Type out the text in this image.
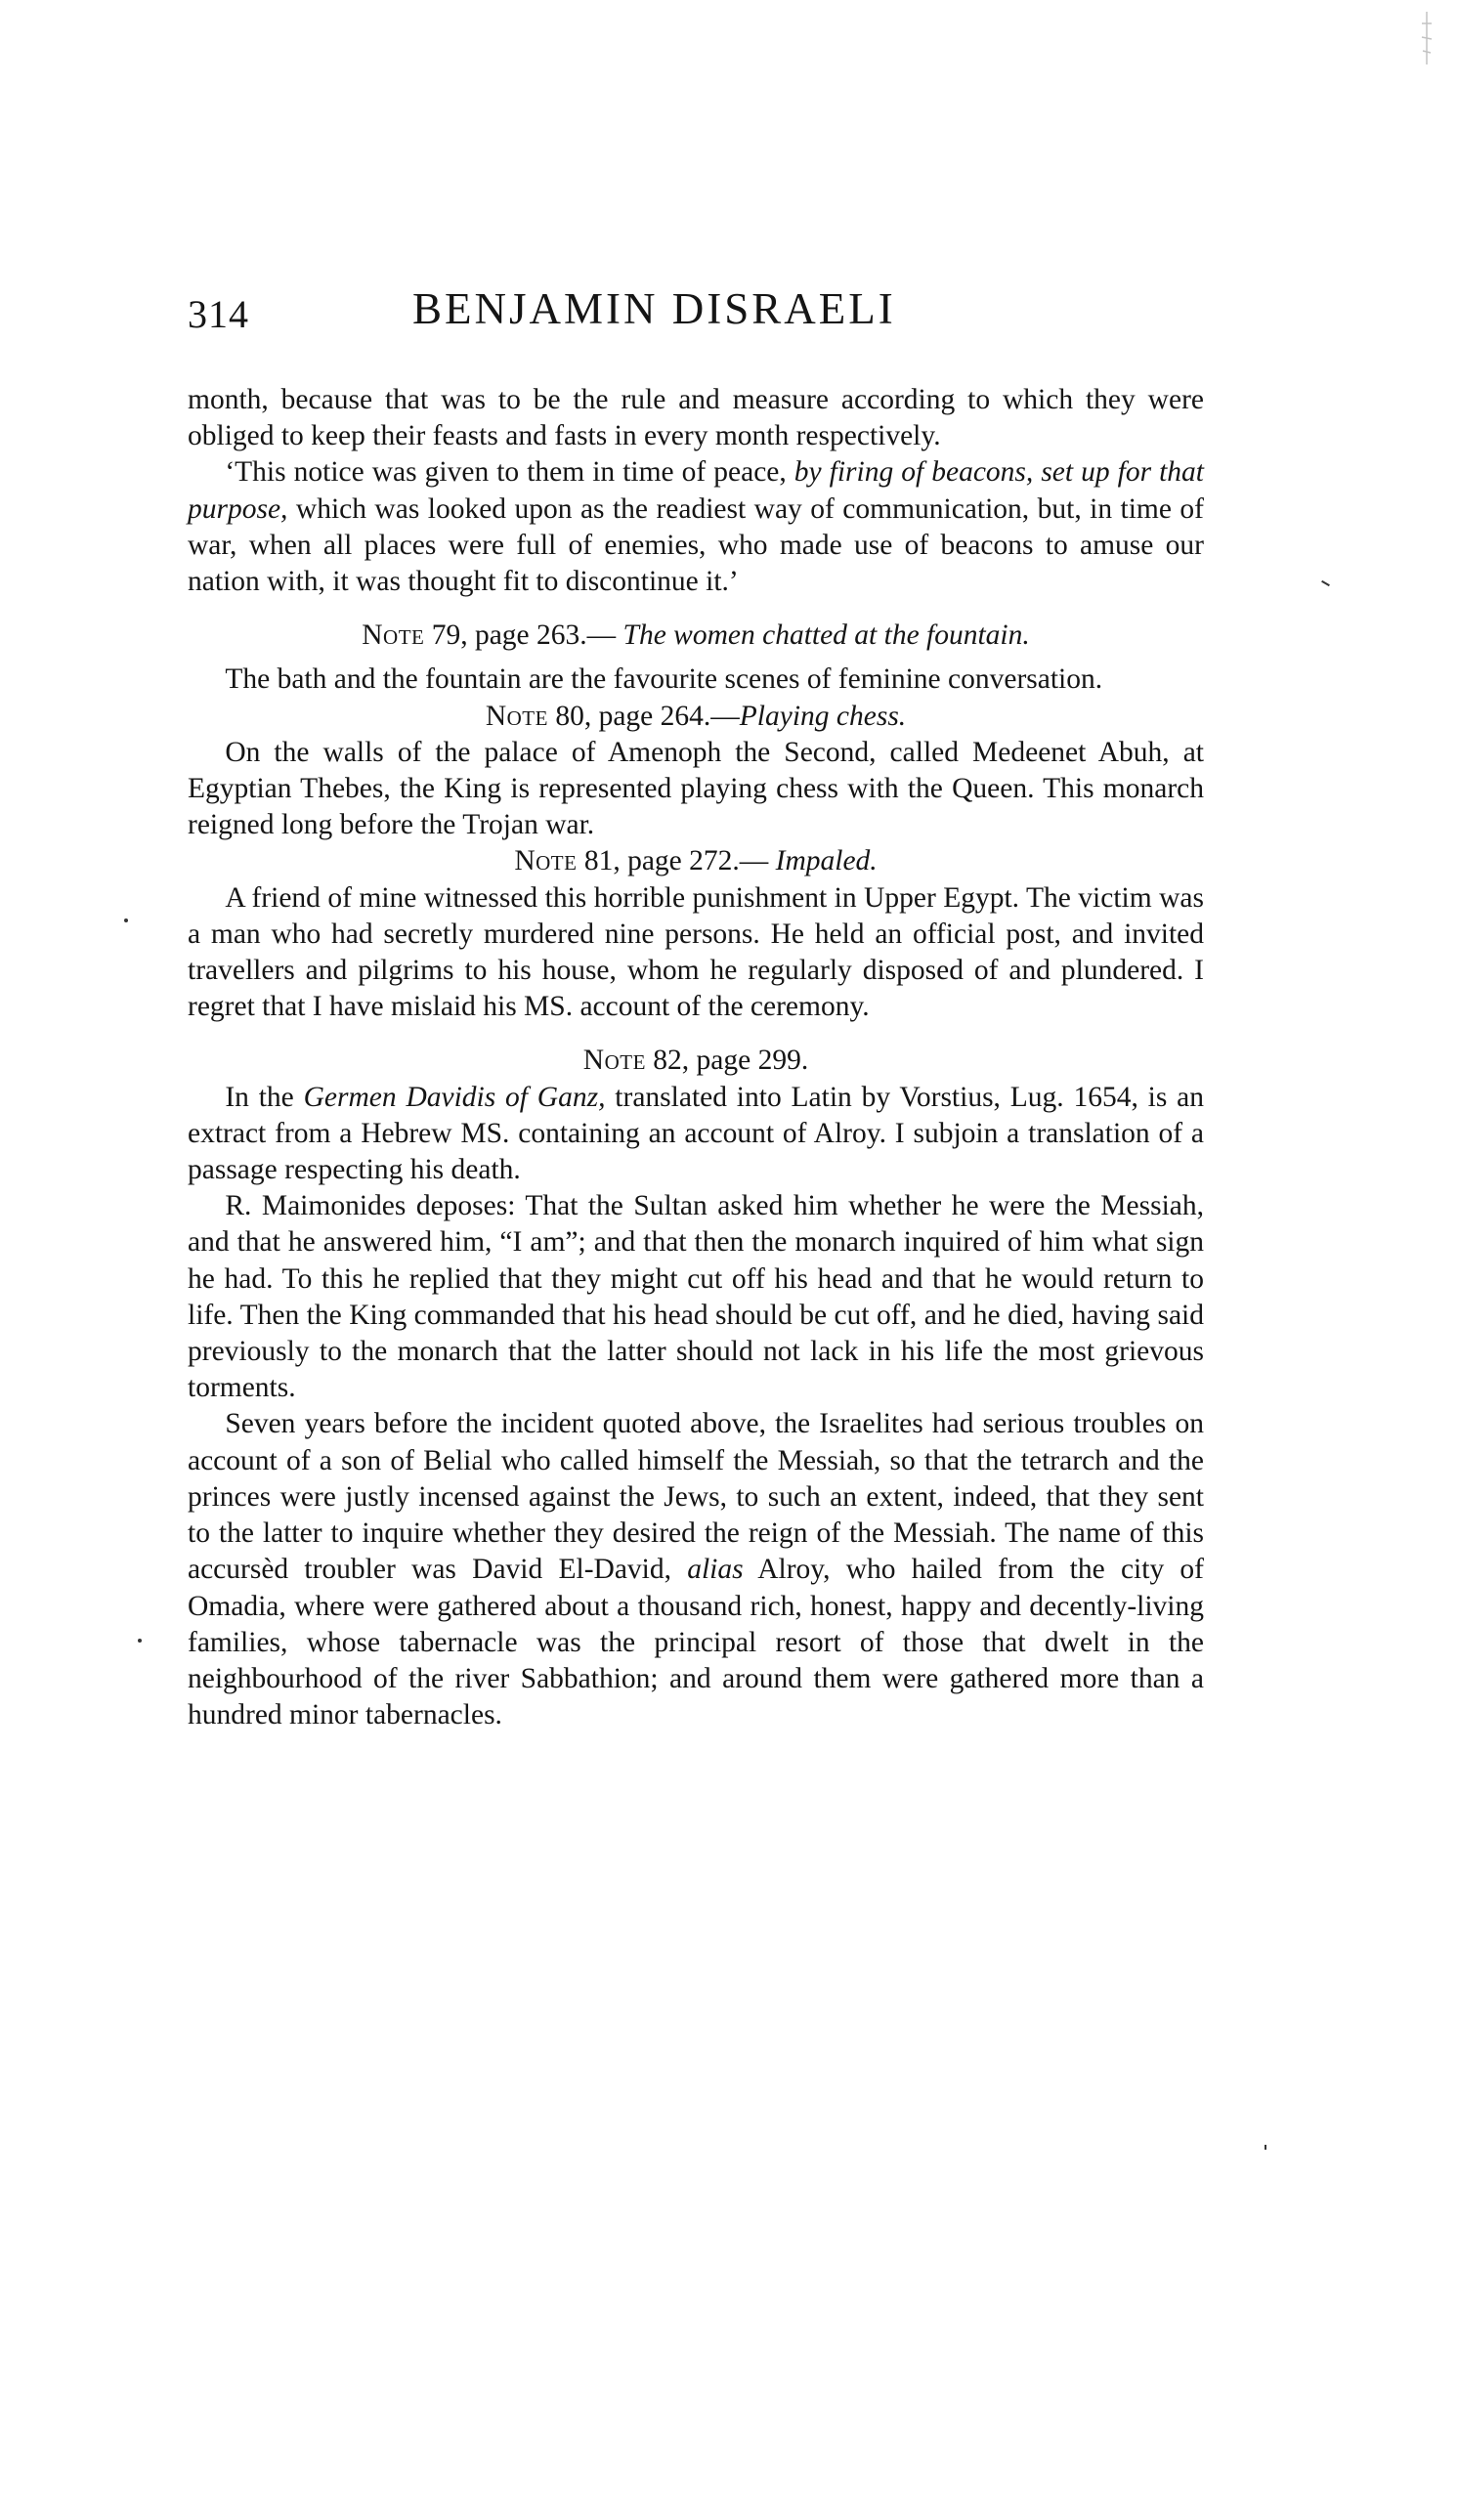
314	BENJAMIN DISRAELI

month, because that was to be the rule and measure according to which they were obliged to keep their feasts and fasts in every month respectively.

‘This notice was given to them in time of peace, by firing of beacons, set up for that purpose, which was looked upon as the readiest way of communication, but, in time of war, when all places were full of enemies, who made use of beacons to amuse our nation with, it was thought fit to discontinue it.’

Note 79, page 263.— The women chatted at the fountain.

The bath and the fountain are the favourite scenes of feminine conversation.

Note 80, page 264.—Playing chess.

On the walls of the palace of Amenoph the Second, called Medeenet Abuh, at Egyptian Thebes, the King is represented playing chess with the Queen. This monarch reigned long before the Trojan war.

Note 81, page 272.— Impaled.

A friend of mine witnessed this horrible punishment in Upper Egypt. The victim was a man who had secretly murdered nine persons. He held an official post, and invited travellers and pilgrims to his house, whom he regularly disposed of and plundered. I regret that I have mislaid his MS. account of the ceremony.

Note 82, page 299.

In the Germen Davidis of Ganz, translated into Latin by Vorstius, Lug. 1654, is an extract from a Hebrew MS. containing an account of Alroy. I subjoin a translation of a passage respecting his death.

R. Maimonides deposes: That the Sultan asked him whether he were the Messiah, and that he answered him, “I am”; and that then the monarch inquired of him what sign he had. To this he replied that they might cut off his head and that he would return to life. Then the King commanded that his head should be cut off, and he died, having said previously to the monarch that the latter should not lack in his life the most grievous torments.

Seven years before the incident quoted above, the Israelites had serious troubles on account of a son of Belial who called himself the Messiah, so that the tetrarch and the princes were justly incensed against the Jews, to such an extent, indeed, that they sent to the latter to inquire whether they desired the reign of the Messiah. The name of this accursèd troubler was David El-David, alias Alroy, who hailed from the city of Omadia, where were gathered about a thousand rich, honest, happy and decently-living families, whose tabernacle was the principal resort of those that dwelt in the neighbourhood of the river Sabbathion; and around them were gathered more than a hundred minor tabernacles.
